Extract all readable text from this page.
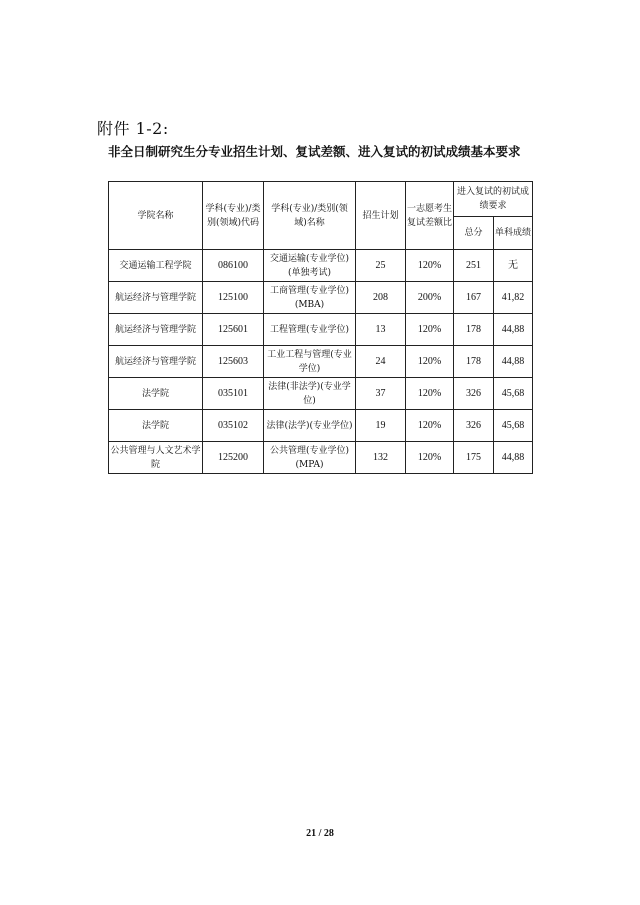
附件 1-2:
非全日制研究生分专业招生计划、复试差额、进入复试的初试成绩基本要求
学院名称	学科(专业)/类别(领域)代码	学科(专业)/类别(领域)名称	招生计划	一志愿考生复试差额比	进入复试的初试成绩要求	
					总分	单科成绩
交通运输工程学院	086100	交通运输(专业学位)(单独考试)	25	120%	251	无
航运经济与管理学院	125100	工商管理(专业学位)(MBA)	208	200%	167	41,82
航运经济与管理学院	125601	工程管理(专业学位)	13	120%	178	44,88
航运经济与管理学院	125603	工业工程与管理(专业学位)	24	120%	178	44,88
法学院	035101	法律(非法学)(专业学位)	37	120%	326	45,68
法学院	035102	法律(法学)(专业学位)	19	120%	326	45,68
公共管理与人文艺术学院	125200	公共管理(专业学位)(MPA)	132	120%	175	44,88
21 / 28
